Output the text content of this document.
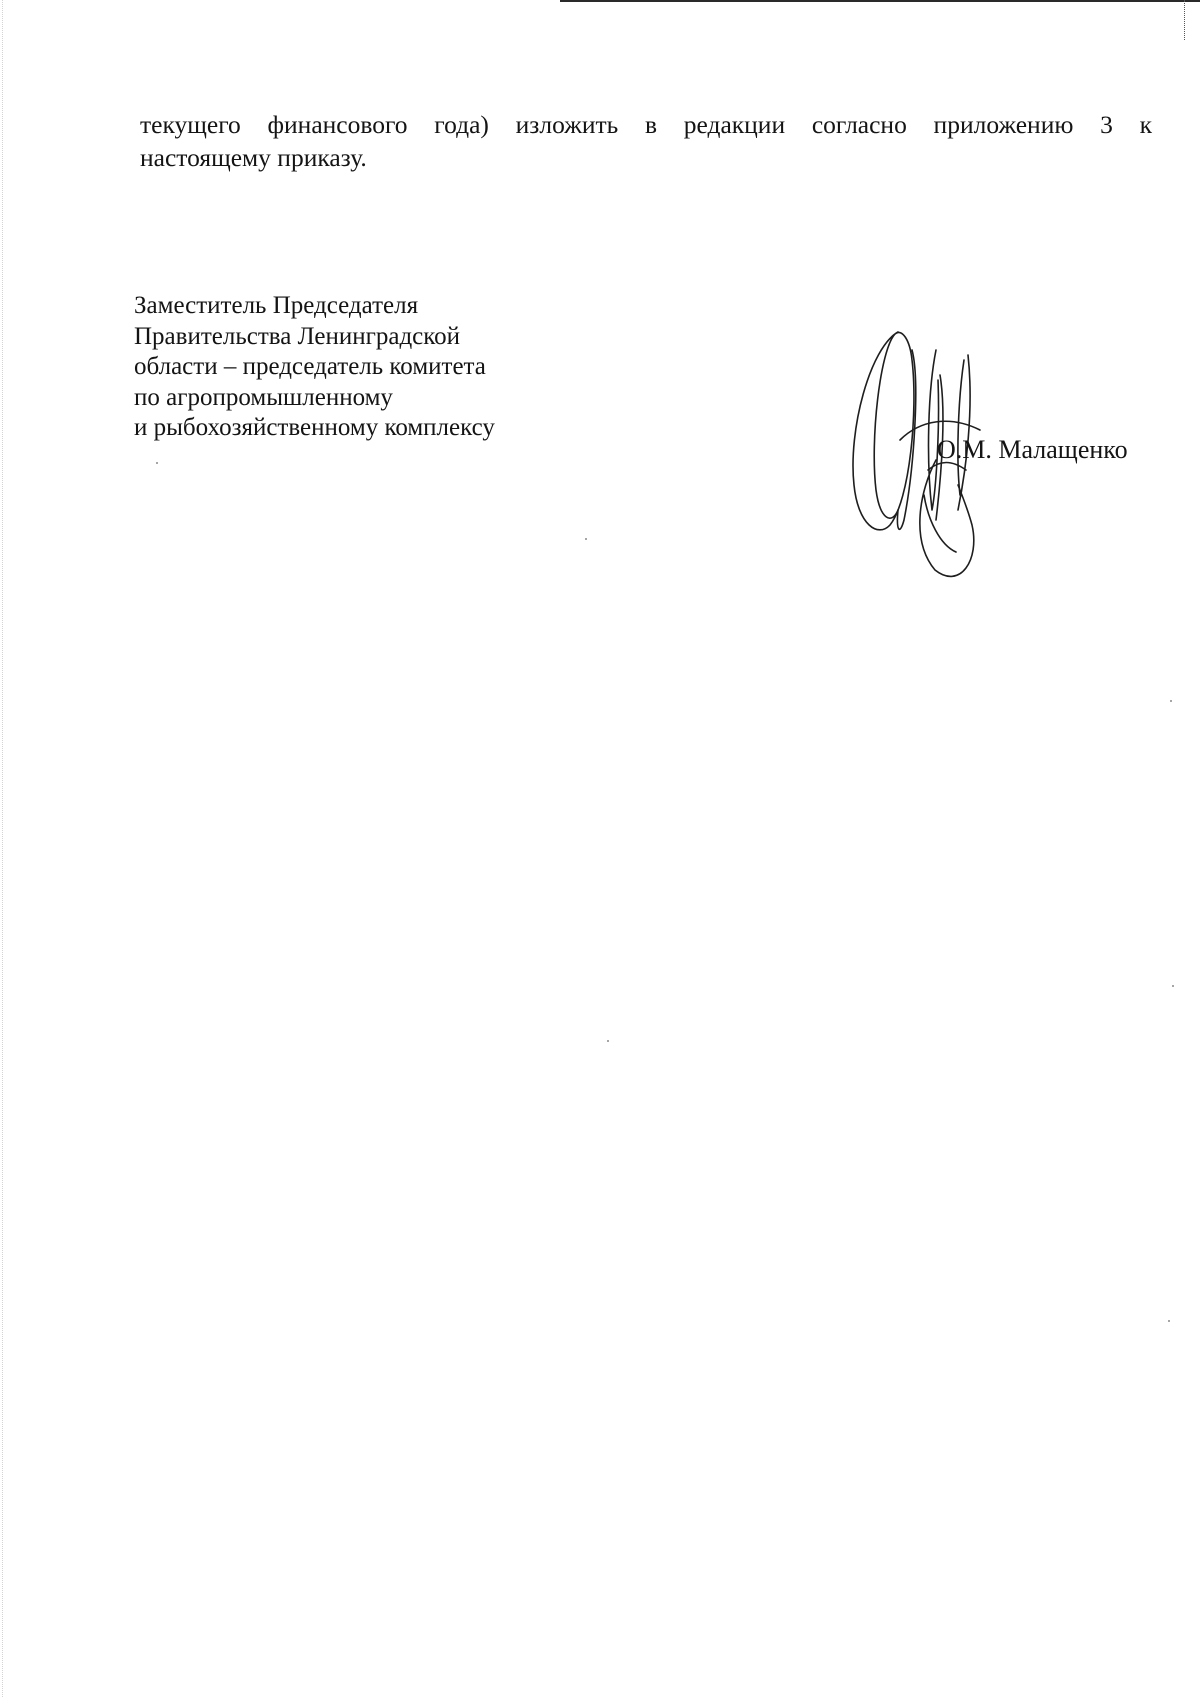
текущего финансового года) изложить в редакции согласно приложению 3 к
настоящему приказу.

Заместитель Председателя
Правительства Ленинградской
области – председатель комитета
по агропромышленному
и рыбохозяйственному комплексу
О.М. Малащенко
